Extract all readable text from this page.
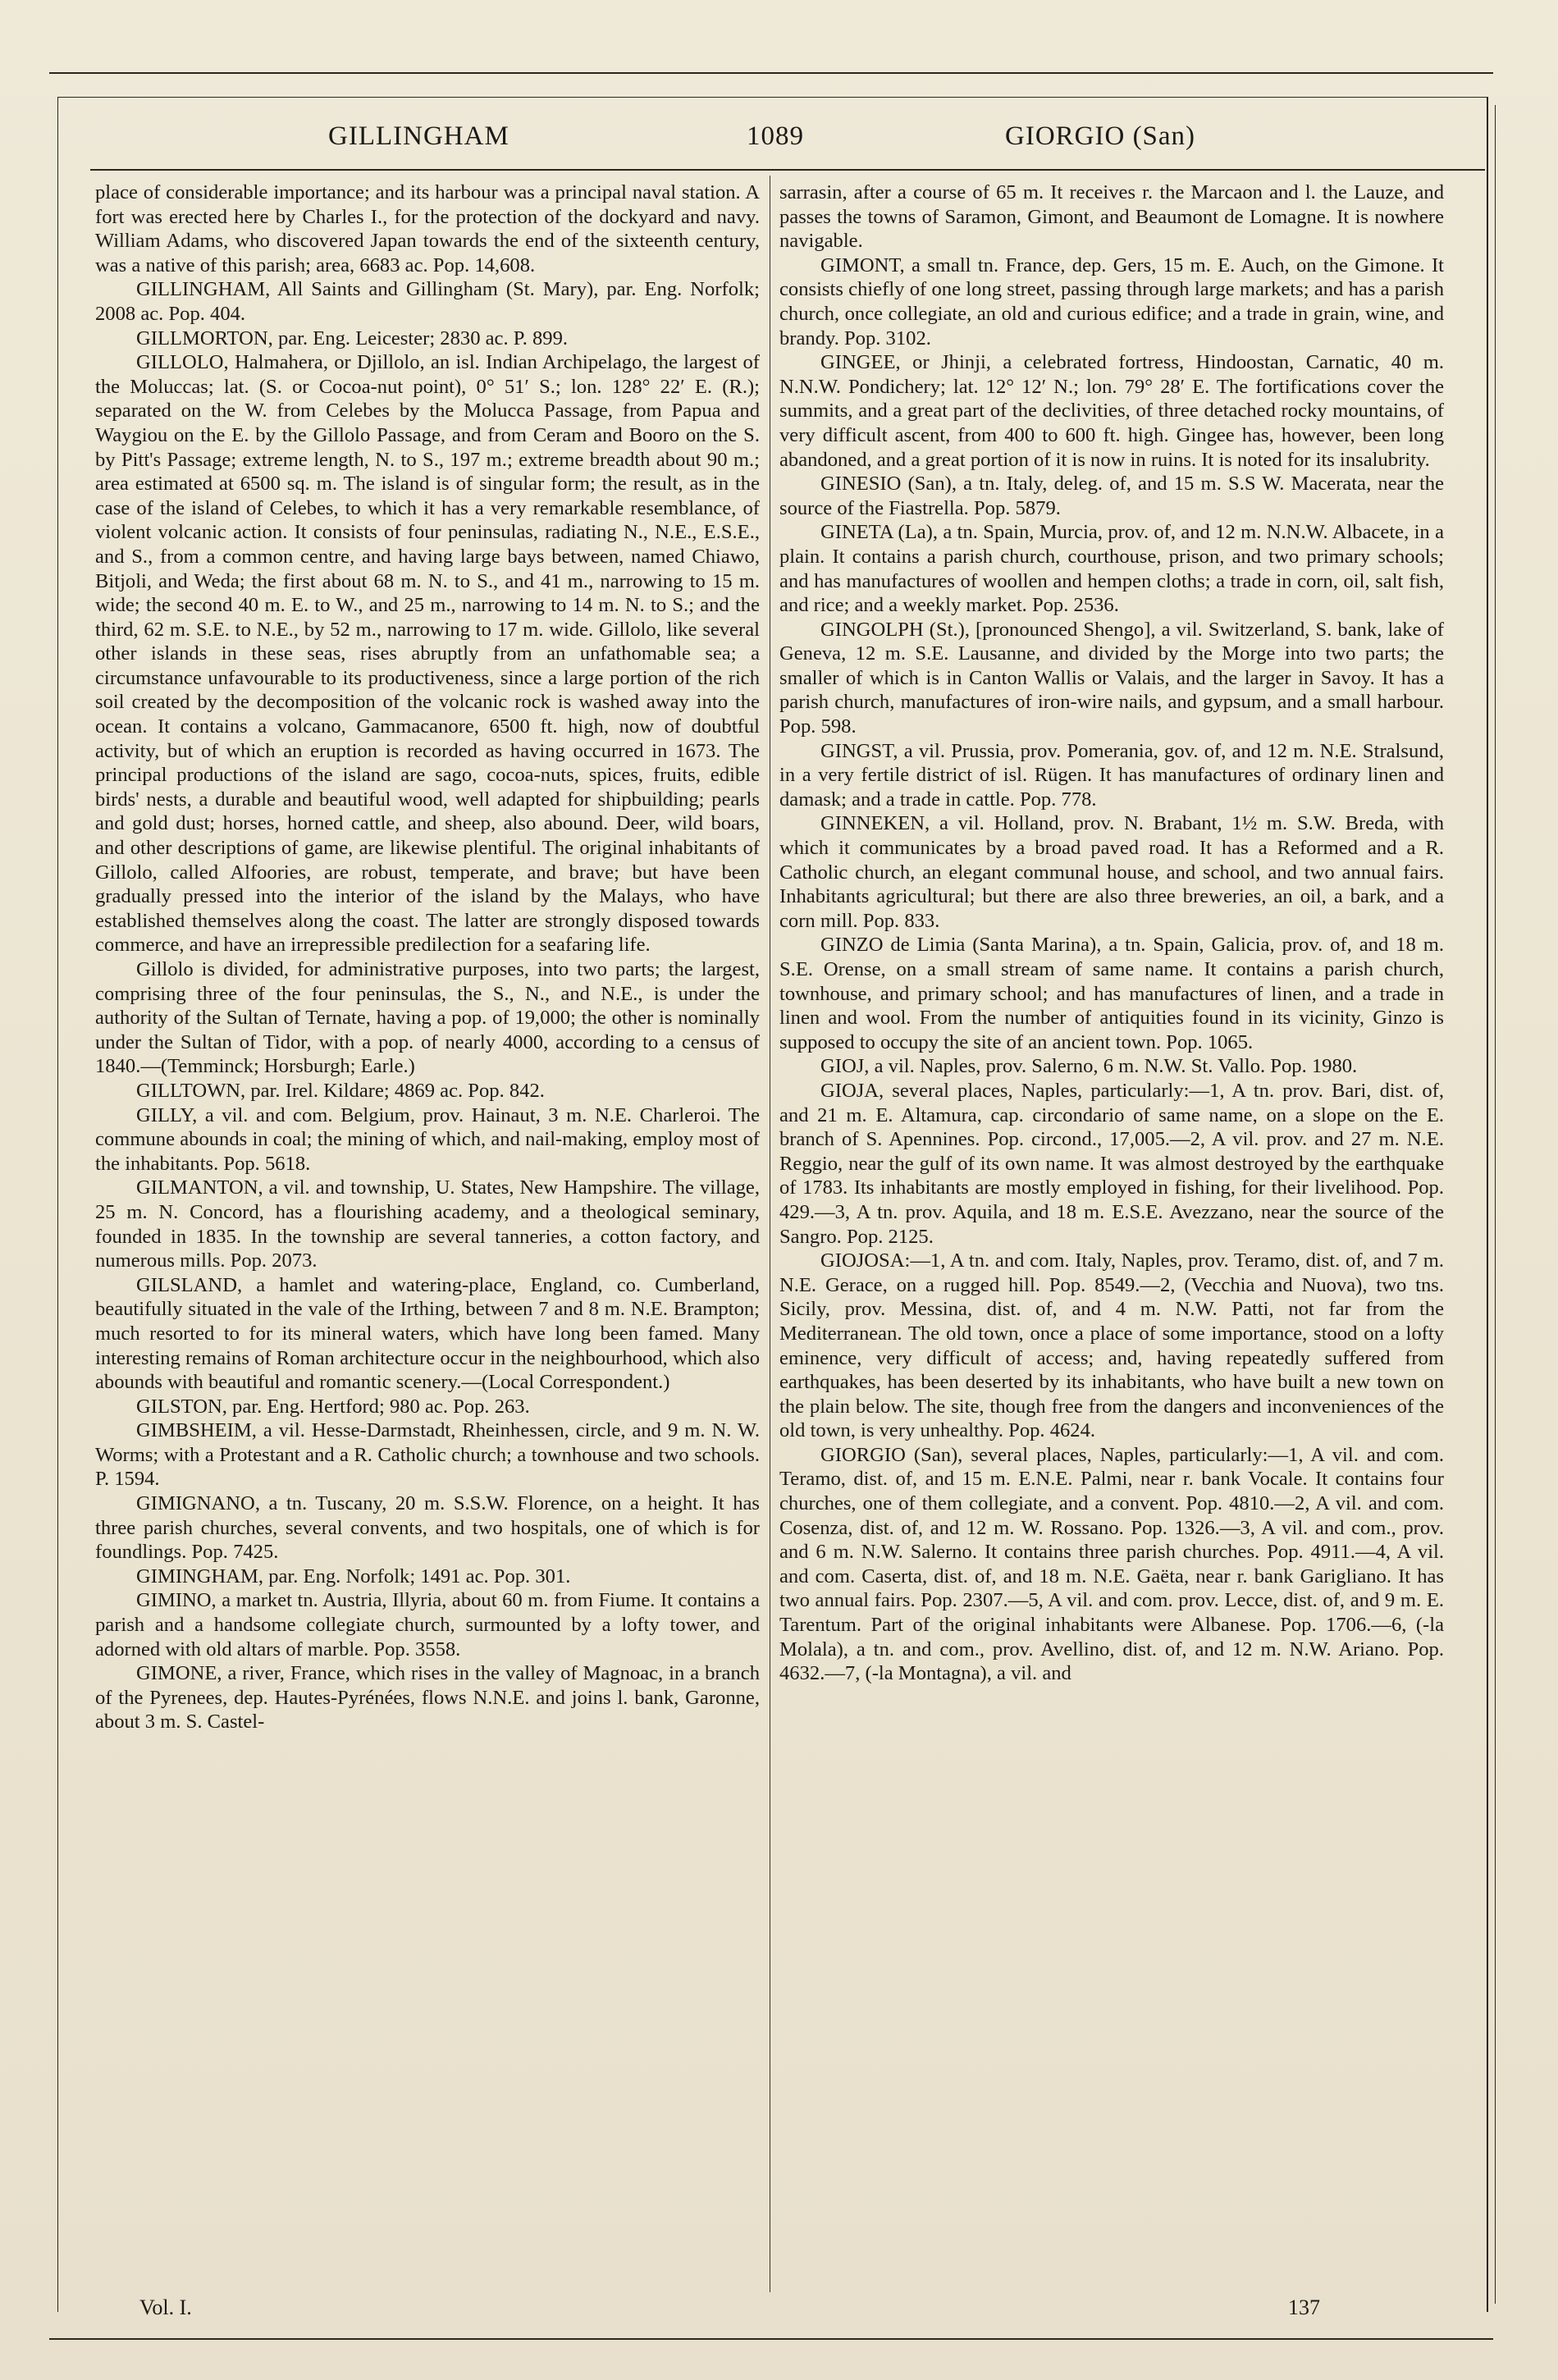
GILLINGHAM	1089	GIORGIO (San)

place of considerable importance; and its harbour was a principal naval station. A fort was erected here by Charles I., for the protection of the dockyard and navy. William Adams, who discovered Japan towards the end of the sixteenth century, was a native of this parish; area, 6683 ac. Pop. 14,608.

GILLINGHAM, All Saints and Gillingham (St. Mary), par. Eng. Norfolk; 2008 ac. Pop. 404.

GILLMORTON, par. Eng. Leicester; 2830 ac. P. 899.

GILLOLO, Halmahera, or Djillolo, an isl. Indian Archipelago, the largest of the Moluccas; lat. (S. or Cocoa-nut point), 0° 51′ S.; lon. 128° 22′ E. (R.); separated on the W. from Celebes by the Molucca Passage, from Papua and Waygiou on the E. by the Gillolo Passage, and from Ceram and Booro on the S. by Pitt's Passage; extreme length, N. to S., 197 m.; extreme breadth about 90 m.; area estimated at 6500 sq. m. The island is of singular form; the result, as in the case of the island of Celebes, to which it has a very remarkable resemblance, of violent volcanic action. It consists of four peninsulas, radiating N., N.E., E.S.E., and S., from a common centre, and having large bays between, named Chiawo, Bitjoli, and Weda; the first about 68 m. N. to S., and 41 m., narrowing to 15 m. wide; the second 40 m. E. to W., and 25 m., narrowing to 14 m. N. to S.; and the third, 62 m. S.E. to N.E., by 52 m., narrowing to 17 m. wide. Gillolo, like several other islands in these seas, rises abruptly from an unfathomable sea; a circumstance unfavourable to its productiveness, since a large portion of the rich soil created by the decomposition of the volcanic rock is washed away into the ocean. It contains a volcano, Gammacanore, 6500 ft. high, now of doubtful activity, but of which an eruption is recorded as having occurred in 1673. The principal productions of the island are sago, cocoa-nuts, spices, fruits, edible birds' nests, a durable and beautiful wood, well adapted for shipbuilding; pearls and gold dust; horses, horned cattle, and sheep, also abound. Deer, wild boars, and other descriptions of game, are likewise plentiful. The original inhabitants of Gillolo, called Alfoories, are robust, temperate, and brave; but have been gradually pressed into the interior of the island by the Malays, who have established themselves along the coast. The latter are strongly disposed towards commerce, and have an irrepressible predilection for a seafaring life.

Gillolo is divided, for administrative purposes, into two parts; the largest, comprising three of the four peninsulas, the S., N., and N.E., is under the authority of the Sultan of Ternate, having a pop. of 19,000; the other is nominally under the Sultan of Tidor, with a pop. of nearly 4000, according to a census of 1840.—(Temminck; Horsburgh; Earle.)

GILLTOWN, par. Irel. Kildare; 4869 ac. Pop. 842.

GILLY, a vil. and com. Belgium, prov. Hainaut, 3 m. N.E. Charleroi. The commune abounds in coal; the mining of which, and nail-making, employ most of the inhabitants. Pop. 5618.

GILMANTON, a vil. and township, U. States, New Hampshire. The village, 25 m. N. Concord, has a flourishing academy, and a theological seminary, founded in 1835. In the township are several tanneries, a cotton factory, and numerous mills. Pop. 2073.

GILSLAND, a hamlet and watering-place, England, co. Cumberland, beautifully situated in the vale of the Irthing, between 7 and 8 m. N.E. Brampton; much resorted to for its mineral waters, which have long been famed. Many interesting remains of Roman architecture occur in the neighbourhood, which also abounds with beautiful and romantic scenery.—(Local Correspondent.)

GILSTON, par. Eng. Hertford; 980 ac. Pop. 263.

GIMBSHEIM, a vil. Hesse-Darmstadt, Rheinhessen, circle, and 9 m. N. W. Worms; with a Protestant and a R. Catholic church; a townhouse and two schools. P. 1594.

GIMIGNANO, a tn. Tuscany, 20 m. S.S.W. Florence, on a height. It has three parish churches, several convents, and two hospitals, one of which is for foundlings. Pop. 7425.

GIMINGHAM, par. Eng. Norfolk; 1491 ac. Pop. 301.

GIMINO, a market tn. Austria, Illyria, about 60 m. from Fiume. It contains a parish and a handsome collegiate church, surmounted by a lofty tower, and adorned with old altars of marble. Pop. 3558.

GIMONE, a river, France, which rises in the valley of Magnoac, in a branch of the Pyrenees, dep. Hautes-Pyrénées, flows N.N.E. and joins l. bank, Garonne, about 3 m. S. Castel-

sarrasin, after a course of 65 m. It receives r. the Marcaon and l. the Lauze, and passes the towns of Saramon, Gimont, and Beaumont de Lomagne. It is nowhere navigable.

GIMONT, a small tn. France, dep. Gers, 15 m. E. Auch, on the Gimone. It consists chiefly of one long street, passing through large markets; and has a parish church, once collegiate, an old and curious edifice; and a trade in grain, wine, and brandy. Pop. 3102.

GINGEE, or Jhinji, a celebrated fortress, Hindoostan, Carnatic, 40 m. N.N.W. Pondichery; lat. 12° 12′ N.; lon. 79° 28′ E. The fortifications cover the summits, and a great part of the declivities, of three detached rocky mountains, of very difficult ascent, from 400 to 600 ft. high. Gingee has, however, been long abandoned, and a great portion of it is now in ruins. It is noted for its insalubrity.

GINESIO (San), a tn. Italy, deleg. of, and 15 m. S.S W. Macerata, near the source of the Fiastrella. Pop. 5879.

GINETA (La), a tn. Spain, Murcia, prov. of, and 12 m. N.N.W. Albacete, in a plain. It contains a parish church, courthouse, prison, and two primary schools; and has manufactures of woollen and hempen cloths; a trade in corn, oil, salt fish, and rice; and a weekly market. Pop. 2536.

GINGOLPH (St.), [pronounced Shengo], a vil. Switzerland, S. bank, lake of Geneva, 12 m. S.E. Lausanne, and divided by the Morge into two parts; the smaller of which is in Canton Wallis or Valais, and the larger in Savoy. It has a parish church, manufactures of iron-wire nails, and gypsum, and a small harbour. Pop. 598.

GINGST, a vil. Prussia, prov. Pomerania, gov. of, and 12 m. N.E. Stralsund, in a very fertile district of isl. Rügen. It has manufactures of ordinary linen and damask; and a trade in cattle. Pop. 778.

GINNEKEN, a vil. Holland, prov. N. Brabant, 1½ m. S.W. Breda, with which it communicates by a broad paved road. It has a Reformed and a R. Catholic church, an elegant communal house, and school, and two annual fairs. Inhabitants agricultural; but there are also three breweries, an oil, a bark, and a corn mill. Pop. 833.

GINZO de Limia (Santa Marina), a tn. Spain, Galicia, prov. of, and 18 m. S.E. Orense, on a small stream of same name. It contains a parish church, townhouse, and primary school; and has manufactures of linen, and a trade in linen and wool. From the number of antiquities found in its vicinity, Ginzo is supposed to occupy the site of an ancient town. Pop. 1065.

GIOJ, a vil. Naples, prov. Salerno, 6 m. N.W. St. Vallo. Pop. 1980.

GIOJA, several places, Naples, particularly:—1, A tn. prov. Bari, dist. of, and 21 m. E. Altamura, cap. circondario of same name, on a slope on the E. branch of S. Apennines. Pop. circond., 17,005.—2, A vil. prov. and 27 m. N.E. Reggio, near the gulf of its own name. It was almost destroyed by the earthquake of 1783. Its inhabitants are mostly employed in fishing, for their livelihood. Pop. 429.—3, A tn. prov. Aquila, and 18 m. E.S.E. Avezzano, near the source of the Sangro. Pop. 2125.

GIOJOSA:—1, A tn. and com. Italy, Naples, prov. Teramo, dist. of, and 7 m. N.E. Gerace, on a rugged hill. Pop. 8549.—2, (Vecchia and Nuova), two tns. Sicily, prov. Messina, dist. of, and 4 m. N.W. Patti, not far from the Mediterranean. The old town, once a place of some importance, stood on a lofty eminence, very difficult of access; and, having repeatedly suffered from earthquakes, has been deserted by its inhabitants, who have built a new town on the plain below. The site, though free from the dangers and inconveniences of the old town, is very unhealthy. Pop. 4624.

GIORGIO (San), several places, Naples, particularly:—1, A vil. and com. Teramo, dist. of, and 15 m. E.N.E. Palmi, near r. bank Vocale. It contains four churches, one of them collegiate, and a convent. Pop. 4810.—2, A vil. and com. Cosenza, dist. of, and 12 m. W. Rossano. Pop. 1326.—3, A vil. and com., prov. and 6 m. N.W. Salerno. It contains three parish churches. Pop. 4911.—4, A vil. and com. Caserta, dist. of, and 18 m. N.E. Gaëta, near r. bank Garigliano. It has two annual fairs. Pop. 2307.—5, A vil. and com. prov. Lecce, dist. of, and 9 m. E. Tarentum. Part of the original inhabitants were Albanese. Pop. 1706.—6, (-la Molala), a tn. and com., prov. Avellino, dist. of, and 12 m. N.W. Ariano. Pop. 4632.—7, (-la Montagna), a vil. and

Vol. I.	137
